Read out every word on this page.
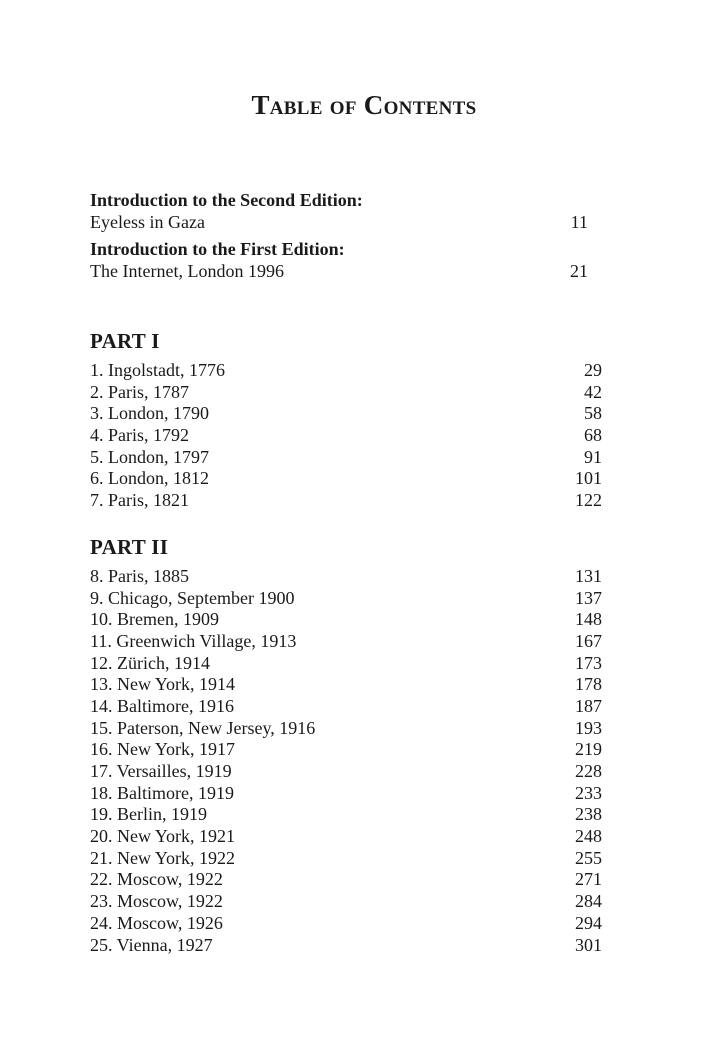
Table of Contents
Introduction to the Second Edition:
Eyeless in Gaza	11
Introduction to the First Edition:
The Internet, London 1996	21
PART I
1. Ingolstadt, 1776	29
2. Paris, 1787	42
3. London, 1790	58
4. Paris, 1792	68
5. London, 1797	91
6. London, 1812	101
7. Paris, 1821	122
PART II
8. Paris, 1885	131
9. Chicago, September 1900	137
10. Bremen, 1909	148
11. Greenwich Village, 1913	167
12. Zürich, 1914	173
13. New York, 1914	178
14. Baltimore, 1916	187
15. Paterson, New Jersey, 1916	193
16. New York, 1917	219
17. Versailles, 1919	228
18. Baltimore, 1919	233
19. Berlin, 1919	238
20. New York, 1921	248
21. New York, 1922	255
22. Moscow, 1922	271
23. Moscow, 1922	284
24. Moscow, 1926	294
25. Vienna, 1927	301
